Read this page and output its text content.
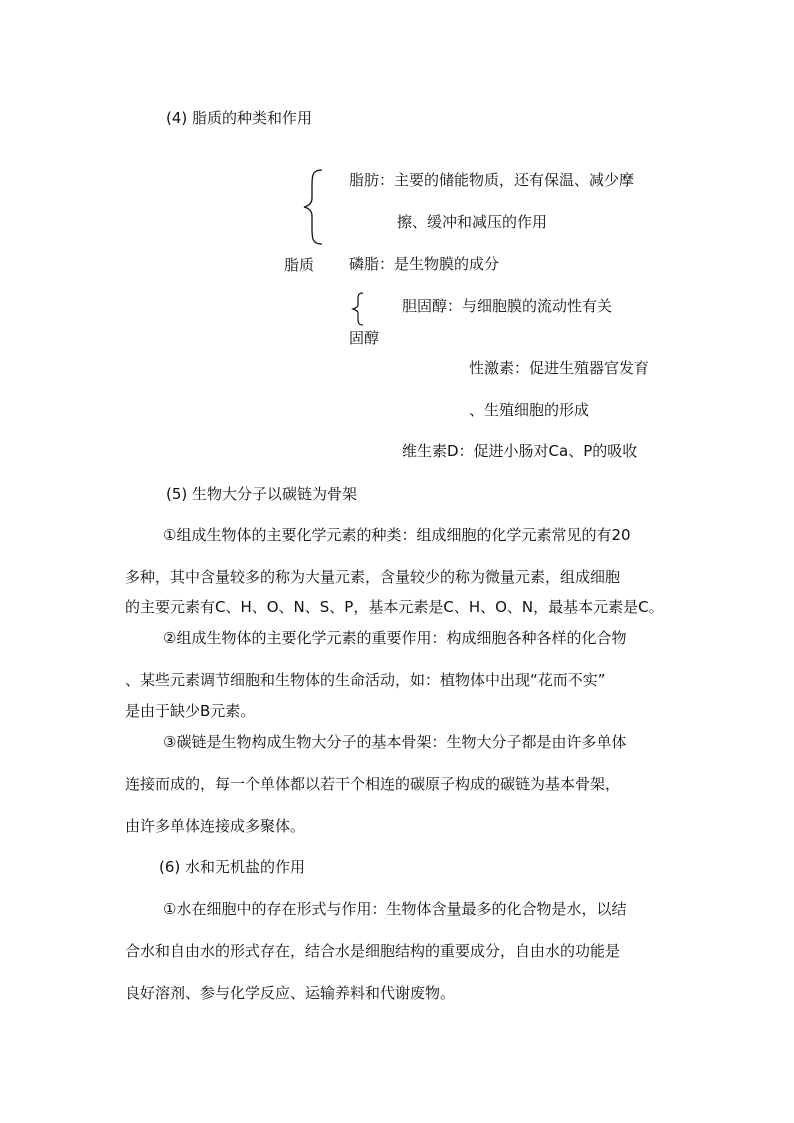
(4) 脂质的种类和作用
脂肪：主要的储能物质，还有保温、减少摩
擦、缓冲和减压的作用
脂质 磷脂：是生物膜的成分
胆固醇：与细胞膜的流动性有关
固醇
性激素：促进生殖器官发育
、生殖细胞的形成
维生素D：促进小肠对Ca、P的吸收
(5) 生物大分子以碳链为骨架
①组成生物体的主要化学元素的种类：组成细胞的化学元素常见的有20
多种，其中含量较多的称为大量元素，含量较少的称为微量元素，组成细胞
的主要元素有C、H、O、N、S、P，基本元素是C、H、O、N，最基本元素是C。
②组成生物体的主要化学元素的重要作用：构成细胞各种各样的化合物
、某些元素调节细胞和生物体的生命活动，如：植物体中出现“花而不实”
是由于缺少B元素。
③碳链是生物构成生物大分子的基本骨架：生物大分子都是由许多单体
连接而成的，每一个单体都以若干个相连的碳原子构成的碳链为基本骨架，
由许多单体连接成多聚体。
(6) 水和无机盐的作用
①水在细胞中的存在形式与作用：生物体含量最多的化合物是水，以结
合水和自由水的形式存在，结合水是细胞结构的重要成分，自由水的功能是
良好溶剂、参与化学反应、运输养料和代谢废物。
